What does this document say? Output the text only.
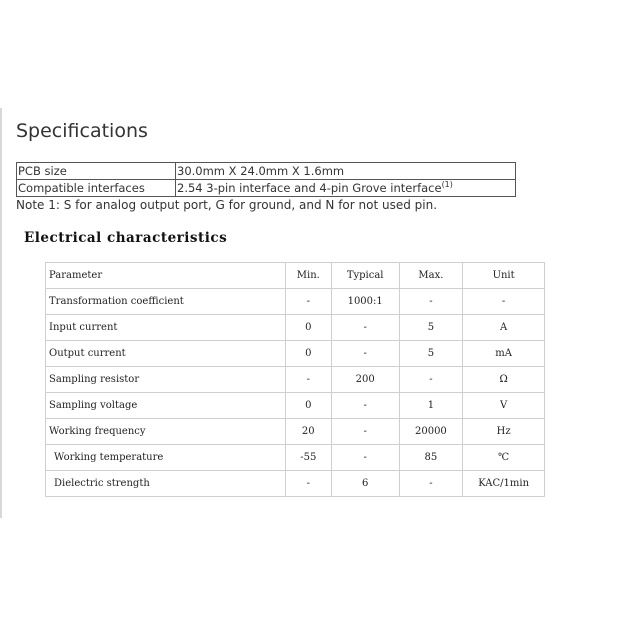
Specifications
PCB size	30.0mm X 24.0mm X 1.6mm
Compatible interfaces	2.54 3-pin interface and 4-pin Grove interface$^{(1)}$
Note 1: S for analog output port, G for ground, and N for not used pin.
Electrical characteristics
Parameter	Min.	Typical	Max.	Unit
Transformation coefficient	-	1000:1	-	-
Input current	0	-	5	A
Output current	0	-	5	mA
Sampling resistor	-	200	-	Ω
Sampling voltage	0	-	1	V
Working frequency	20	-	20000	Hz
Working temperature	-55	-	85	℃
Dielectric strength	-	6	-	KAC/1min
